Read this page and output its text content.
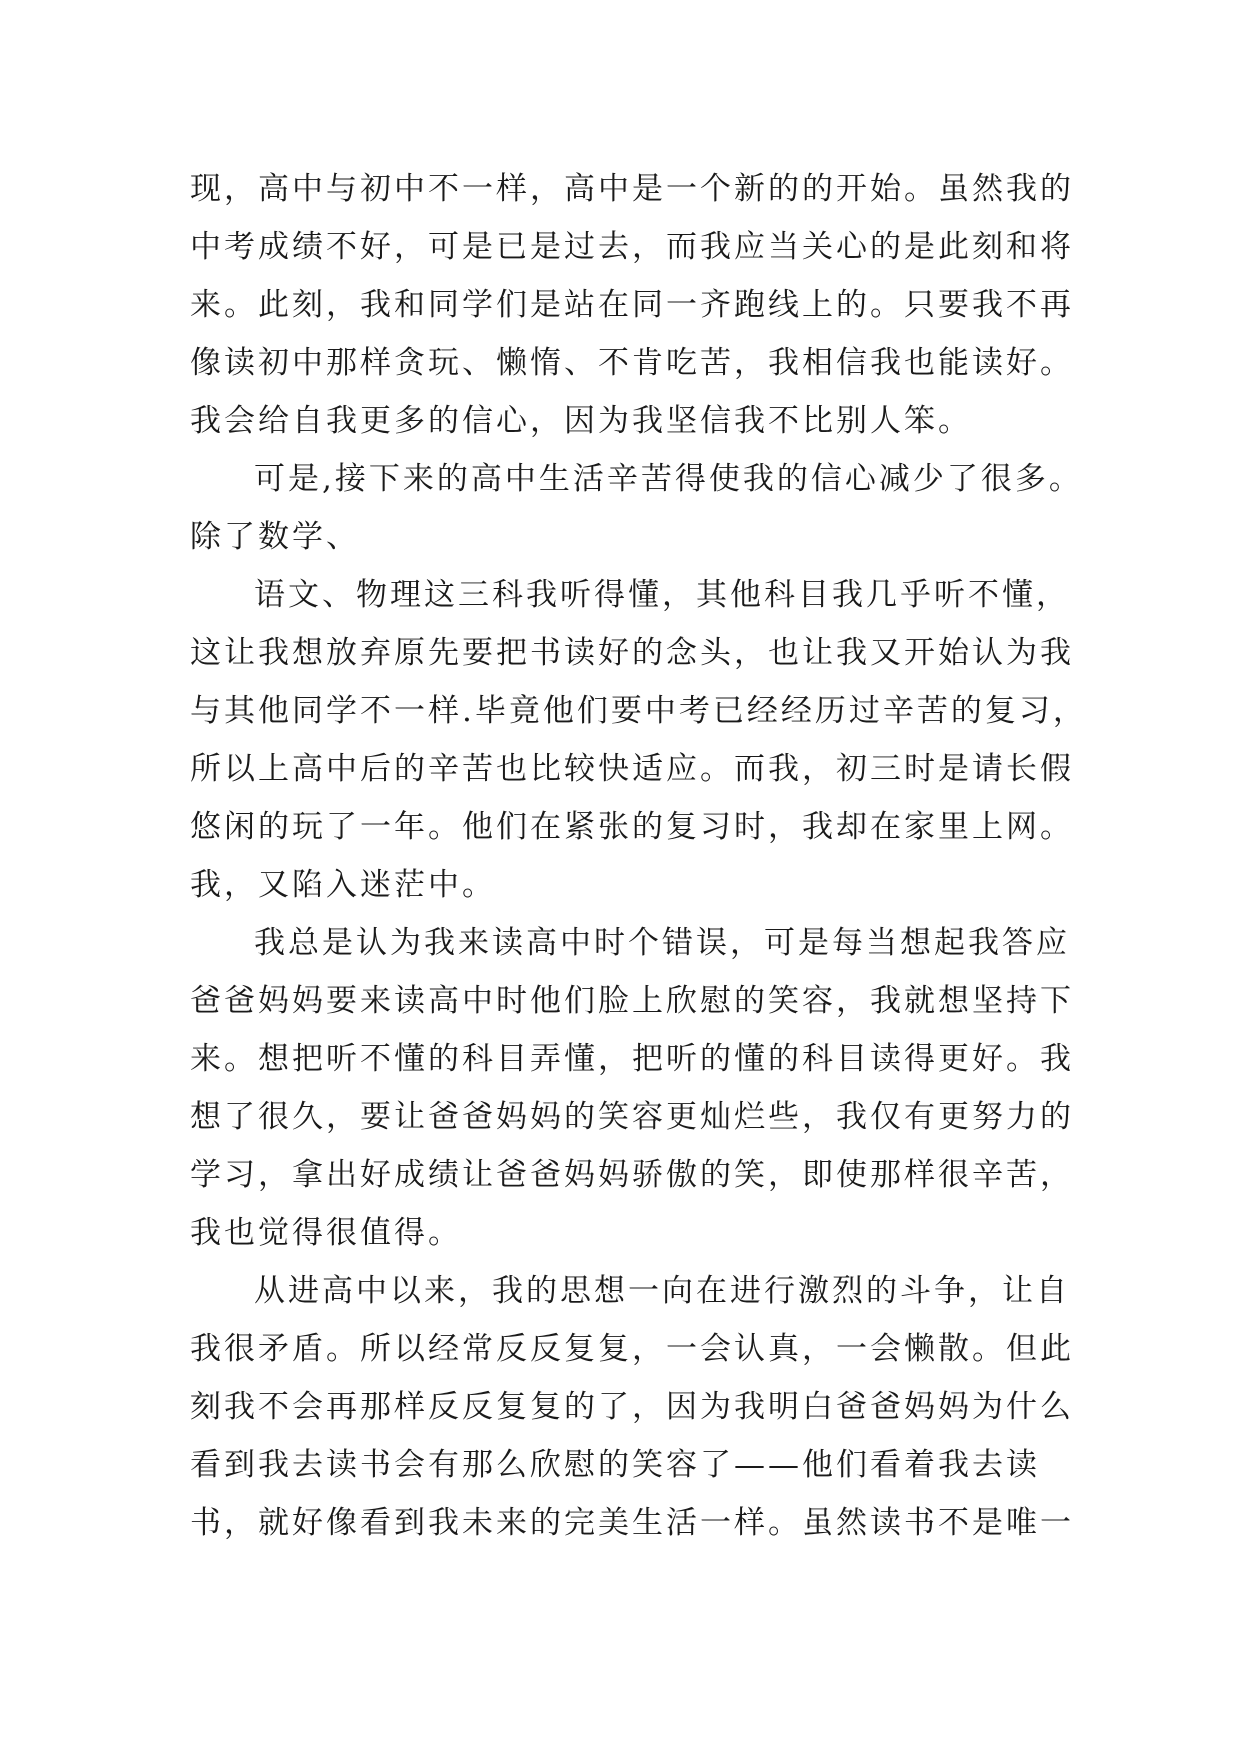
现，高中与初中不一样，高中是一个新的的开始。虽然我的
中考成绩不好，可是已是过去，而我应当关心的是此刻和将
来。此刻，我和同学们是站在同一齐跑线上的。只要我不再
像读初中那样贪玩、懒惰、不肯吃苦，我相信我也能读好。
我会给自我更多的信心，因为我坚信我不比别人笨。
可是,接下来的高中生活辛苦得使我的信心减少了很多。
除了数学、
语文、物理这三科我听得懂，其他科目我几乎听不懂，
这让我想放弃原先要把书读好的念头，也让我又开始认为我
与其他同学不一样.毕竟他们要中考已经经历过辛苦的复习，
所以上高中后的辛苦也比较快适应。而我，初三时是请长假
悠闲的玩了一年。他们在紧张的复习时，我却在家里上网。
我，又陷入迷茫中。
我总是认为我来读高中时个错误，可是每当想起我答应
爸爸妈妈要来读高中时他们脸上欣慰的笑容，我就想坚持下
来。想把听不懂的科目弄懂，把听的懂的科目读得更好。我
想了很久，要让爸爸妈妈的笑容更灿烂些，我仅有更努力的
学习，拿出好成绩让爸爸妈妈骄傲的笑，即使那样很辛苦，
我也觉得很值得。
从进高中以来，我的思想一向在进行激烈的斗争，让自
我很矛盾。所以经常反反复复，一会认真，一会懒散。但此
刻我不会再那样反反复复的了，因为我明白爸爸妈妈为什么
看到我去读书会有那么欣慰的笑容了——他们看着我去读
书，就好像看到我未来的完美生活一样。虽然读书不是唯一
